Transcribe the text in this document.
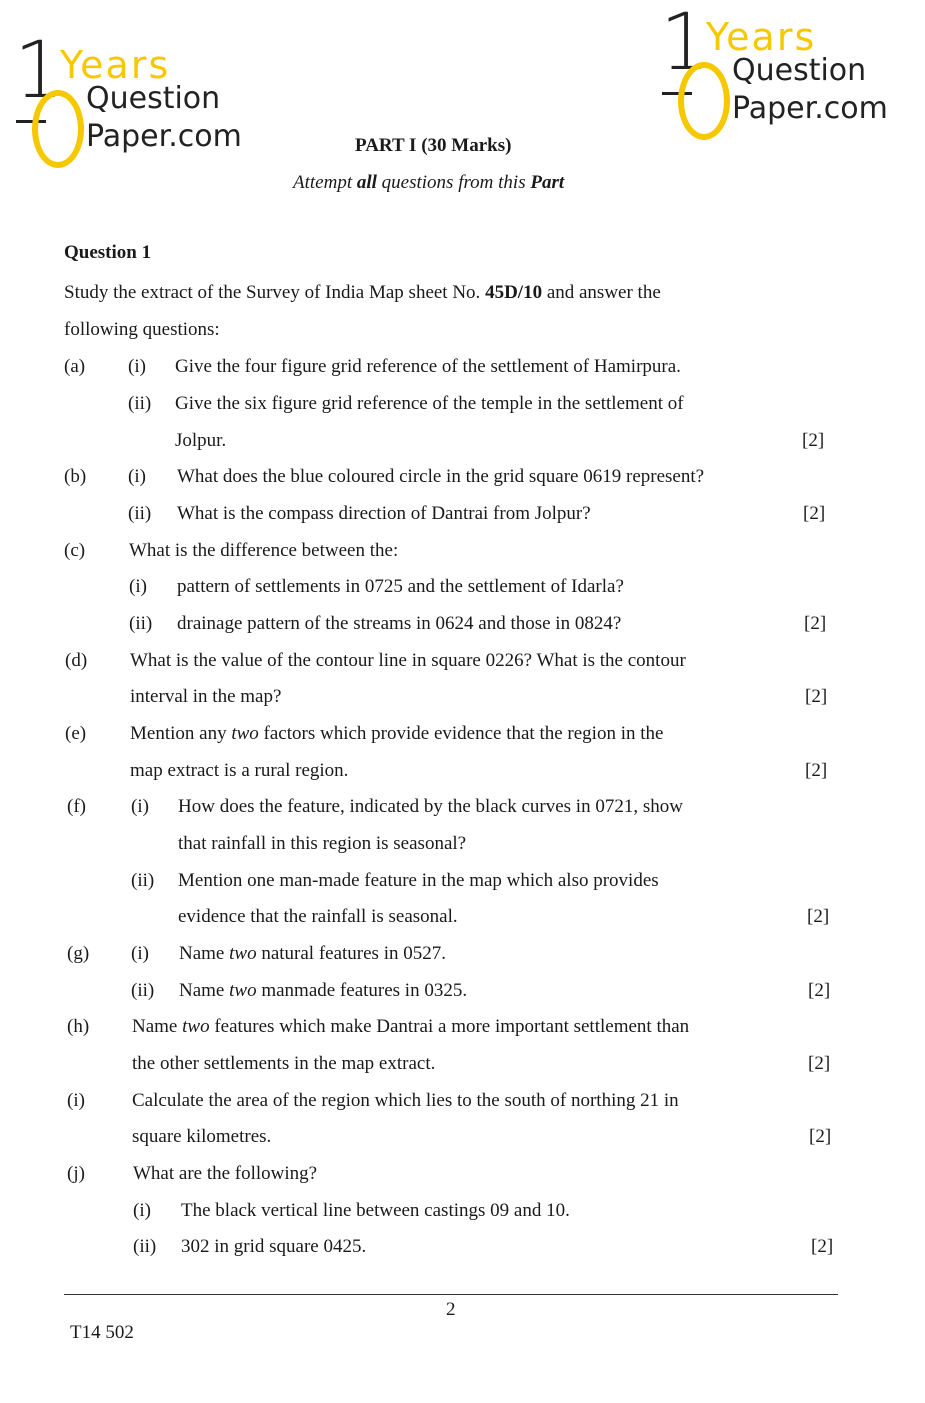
1
Years
Question
Paper.com
1
Years
Question
Paper.com
PART I (30 Marks)
Attempt all questions from this Part
Question 1
Study the extract of the Survey of India Map sheet No. 45D/10 and answer the
following questions:
(a) (i) Give the four figure grid reference of the settlement of Hamirpura.
(ii) Give the six figure grid reference of the temple in the settlement of
Jolpur.	[2]
(b) (i) What does the blue coloured circle in the grid square 0619 represent?
(ii) What is the compass direction of Dantrai from Jolpur?	[2]
(c) What is the difference between the:
(i) pattern of settlements in 0725 and the settlement of Idarla?
(ii) drainage pattern of the streams in 0624 and those in 0824?	[2]
(d) What is the value of the contour line in square 0226? What is the contour
interval in the map?	[2]
(e) Mention any two factors which provide evidence that the region in the
map extract is a rural region.	[2]
(f) (i) How does the feature, indicated by the black curves in 0721, show
that rainfall in this region is seasonal?
(ii) Mention one man-made feature in the map which also provides
evidence that the rainfall is seasonal.	[2]
(g) (i) Name two natural features in 0527.
(ii) Name two manmade features in 0325.	[2]
(h) Name two features which make Dantrai a more important settlement than
the other settlements in the map extract.	[2]
(i) Calculate the area of the region which lies to the south of northing 21 in
square kilometres.	[2]
(j)	What are the following?
(i) The black vertical line between castings 09 and 10.
(ii) 302 in grid square 0425.	[2]
2
T14 502
